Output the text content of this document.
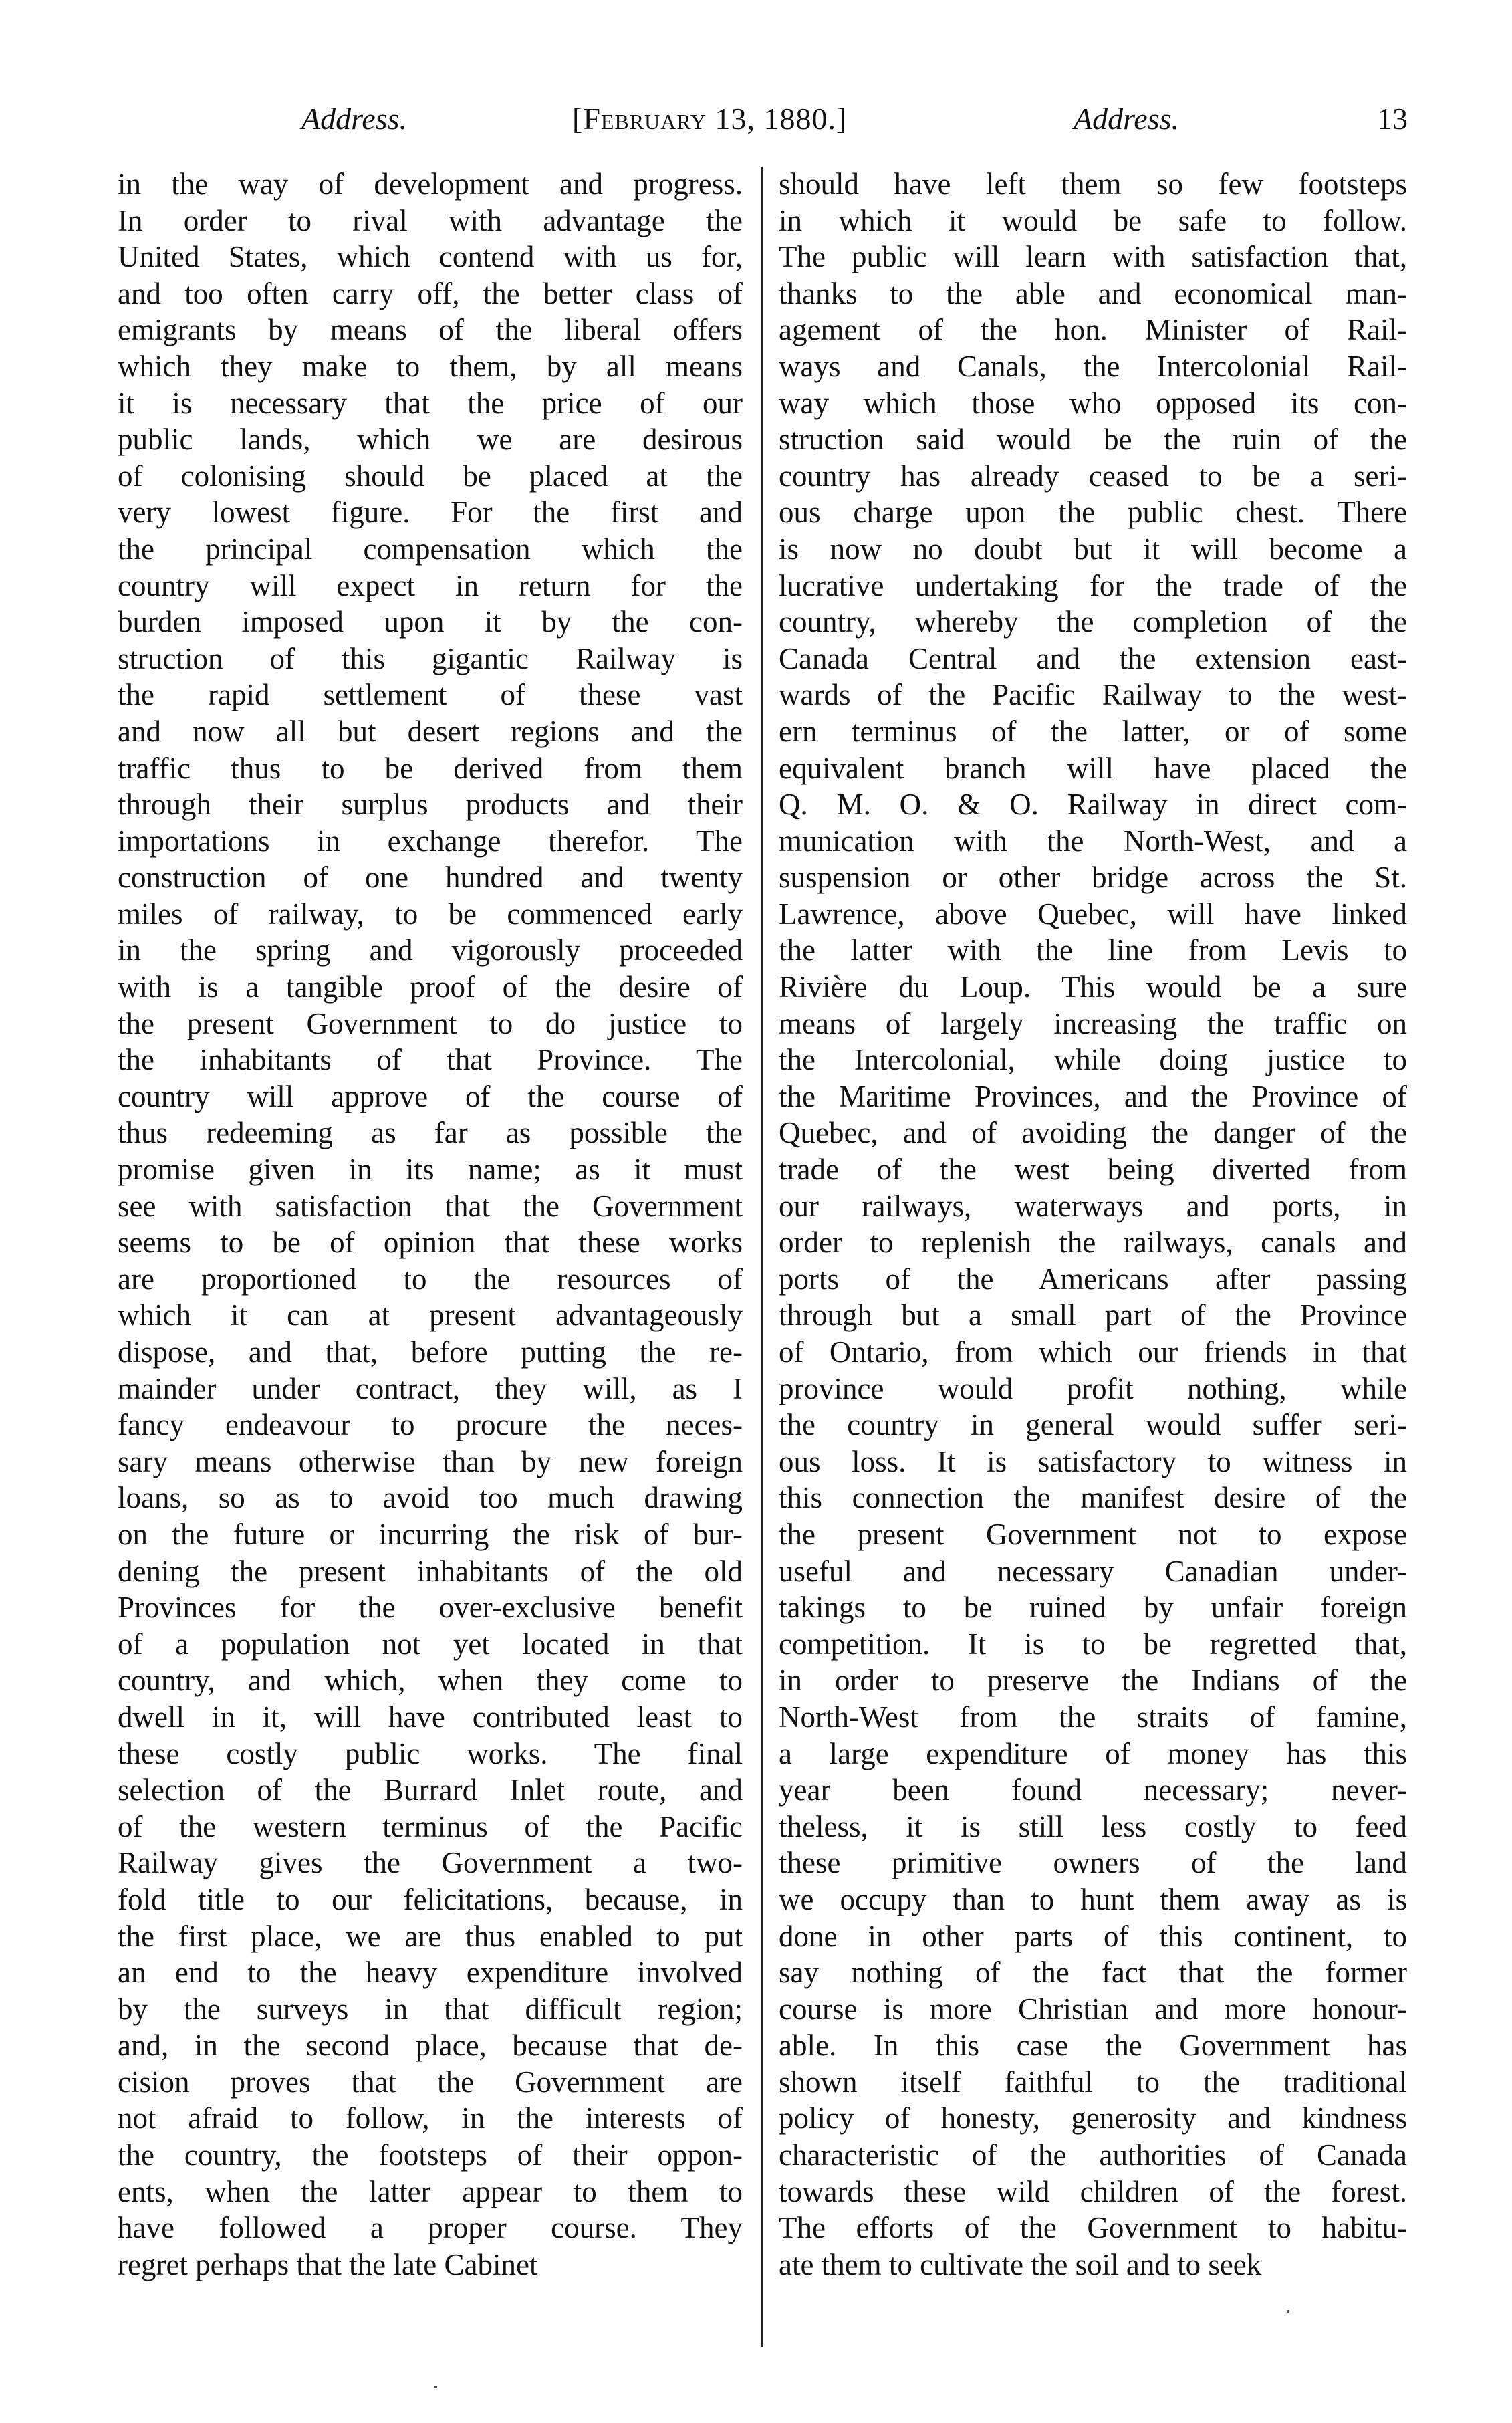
Address.	[February 13, 1880.]	Address.	13
in the way of development and progress.
In order to rival with advantage the
United States, which contend with us for,
and too often carry off, the better class of
emigrants by means of the liberal offers
which they make to them, by all means
it is necessary that the price of our
public lands, which we are desirous
of colonising should be placed at the
very lowest figure. For the first and
the principal compensation which the
country will expect in return for the
burden imposed upon it by the con-
struction of this gigantic Railway is
the rapid settlement of these vast
and now all but desert regions and the
traffic thus to be derived from them
through their surplus products and their
importations in exchange therefor. The
construction of one hundred and twenty
miles of railway, to be commenced early
in the spring and vigorously proceeded
with is a tangible proof of the desire of
the present Government to do justice to
the inhabitants of that Province. The
country will approve of the course of
thus redeeming as far as possible the
promise given in its name; as it must
see with satisfaction that the Government
seems to be of opinion that these works
are proportioned to the resources of
which it can at present advantageously
dispose, and that, before putting the re-
mainder under contract, they will, as I
fancy endeavour to procure the neces-
sary means otherwise than by new foreign
loans, so as to avoid too much drawing
on the future or incurring the risk of bur-
dening the present inhabitants of the old
Provinces for the over-exclusive benefit
of a population not yet located in that
country, and which, when they come to
dwell in it, will have contributed least to
these costly public works. The final
selection of the Burrard Inlet route, and
of the western terminus of the Pacific
Railway gives the Government a two-
fold title to our felicitations, because, in
the first place, we are thus enabled to put
an end to the heavy expenditure involved
by the surveys in that difficult region;
and, in the second place, because that de-
cision proves that the Government are
not afraid to follow, in the interests of
the country, the footsteps of their oppon-
ents, when the latter appear to them to
have followed a proper course. They
regret perhaps that the late Cabinet
should have left them so few footsteps
in which it would be safe to follow.
The public will learn with satisfaction that,
thanks to the able and economical man-
agement of the hon. Minister of Rail-
ways and Canals, the Intercolonial Rail-
way which those who opposed its con-
struction said would be the ruin of the
country has already ceased to be a seri-
ous charge upon the public chest. There
is now no doubt but it will become a
lucrative undertaking for the trade of the
country, whereby the completion of the
Canada Central and the extension east-
wards of the Pacific Railway to the west-
ern terminus of the latter, or of some
equivalent branch will have placed the
Q. M. O. & O. Railway in direct com-
munication with the North-West, and a
suspension or other bridge across the St.
Lawrence, above Quebec, will have linked
the latter with the line from Levis to
Rivière du Loup. This would be a sure
means of largely increasing the traffic on
the Intercolonial, while doing justice to
the Maritime Provinces, and the Province of
Quebec, and of avoiding the danger of the
trade of the west being diverted from
our railways, waterways and ports, in
order to replenish the railways, canals and
ports of the Americans after passing
through but a small part of the Province
of Ontario, from which our friends in that
province would profit nothing, while
the country in general would suffer seri-
ous loss. It is satisfactory to witness in
this connection the manifest desire of the
the present Government not to expose
useful and necessary Canadian under-
takings to be ruined by unfair foreign
competition. It is to be regretted that,
in order to preserve the Indians of the
North-West from the straits of famine,
a large expenditure of money has this
year been found necessary; never-
theless, it is still less costly to feed
these primitive owners of the land
we occupy than to hunt them away as is
done in other parts of this continent, to
say nothing of the fact that the former
course is more Christian and more honour-
able. In this case the Government has
shown itself faithful to the traditional
policy of honesty, generosity and kindness
characteristic of the authorities of Canada
towards these wild children of the forest.
The efforts of the Government to habitu-
ate them to cultivate the soil and to seek
